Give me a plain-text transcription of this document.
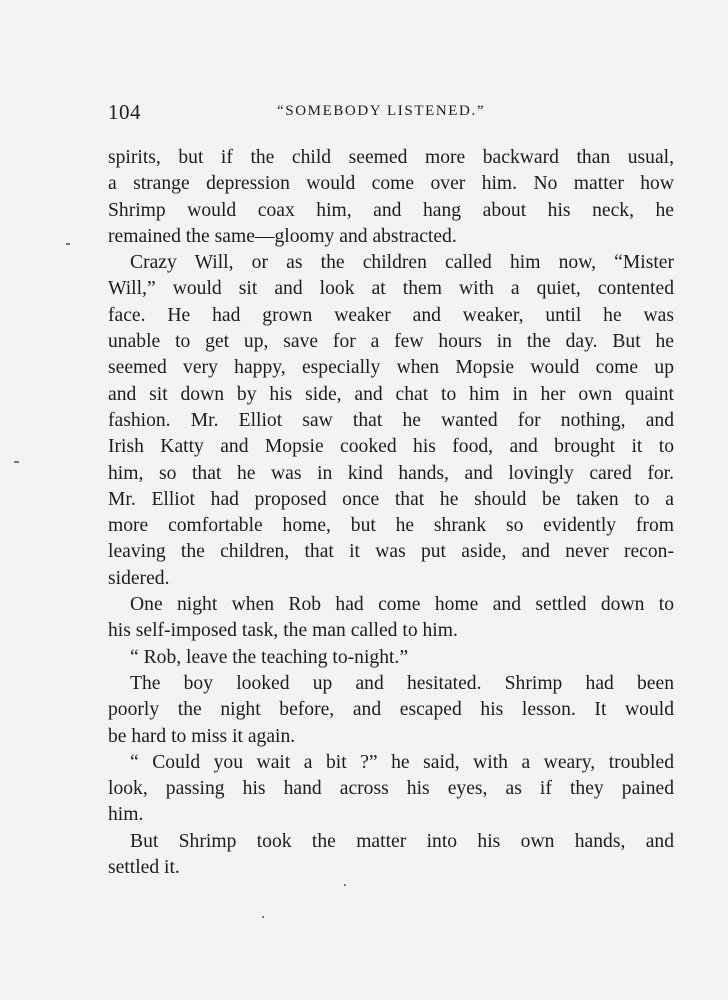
104	“SOMEBODY LISTENED.”
spirits, but if the child seemed more backward than usual,
a strange depression would come over him. No matter how
Shrimp would coax him, and hang about his neck, he
remained the same—gloomy and abstracted.
Crazy Will, or as the children called him now, “Mister
Will,” would sit and look at them with a quiet, contented
face. He had grown weaker and weaker, until he was
unable to get up, save for a few hours in the day. But he
seemed very happy, especially when Mopsie would come up
and sit down by his side, and chat to him in her own quaint
fashion. Mr. Elliot saw that he wanted for nothing, and
Irish Katty and Mopsie cooked his food, and brought it to
him, so that he was in kind hands, and lovingly cared for.
Mr. Elliot had proposed once that he should be taken to a
more comfortable home, but he shrank so evidently from
leaving the children, that it was put aside, and never recon-
sidered.
One night when Rob had come home and settled down to
his self-imposed task, the man called to him.
“ Rob, leave the teaching to-night.”
The boy looked up and hesitated. Shrimp had been
poorly the night before, and escaped his lesson. It would
be hard to miss it again.
“ Could you wait a bit ?” he said, with a weary, troubled
look, passing his hand across his eyes, as if they pained
him.
But Shrimp took the matter into his own hands, and
settled it.
